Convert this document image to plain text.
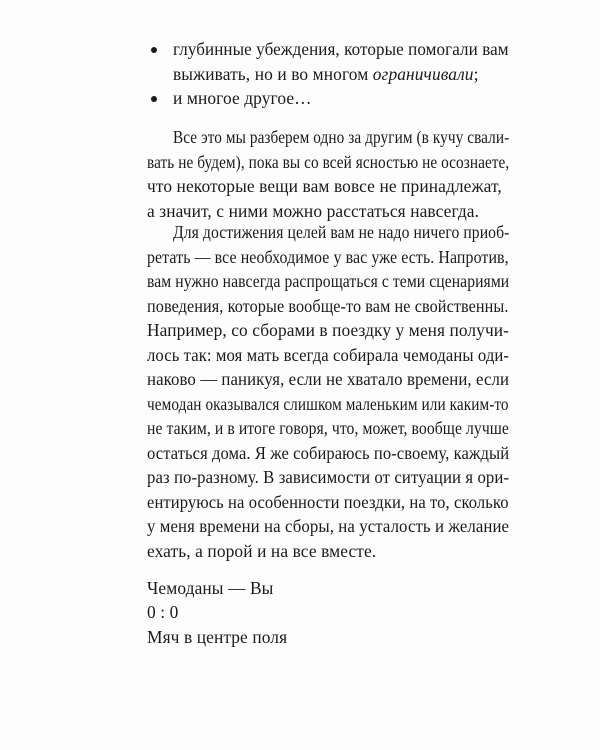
глубинные убеждения, которые помогали вам
выживать, но и во многом ограничивали;
и многое другое…
Все это мы разберем одно за другим (в кучу свали-
вать не будем), пока вы со всей ясностью не осознаете,
что некоторые вещи вам вовсе не принадлежат,
а значит, с ними можно расстаться навсегда.
Для достижения целей вам не надо ничего приоб-
ретать — все необходимое у вас уже есть. Напротив,
вам нужно навсегда распрощаться с теми сценариями
поведения, которые вообще-то вам не свойственны.
Например, со сборами в поездку у меня получи-
лось так: моя мать всегда собирала чемоданы оди-
наково — паникуя, если не хватало времени, если
чемодан оказывался слишком маленьким или каким-то
не таким, и в итоге говоря, что, может, вообще лучше
остаться дома. Я же собираюсь по-своему, каждый
раз по-разному. В зависимости от ситуации я ори-
ентируюсь на особенности поездки, на то, сколько
у меня времени на сборы, на усталость и желание
ехать, а порой и на все вместе.
Чемоданы — Вы
0 : 0
Мяч в центре поля
